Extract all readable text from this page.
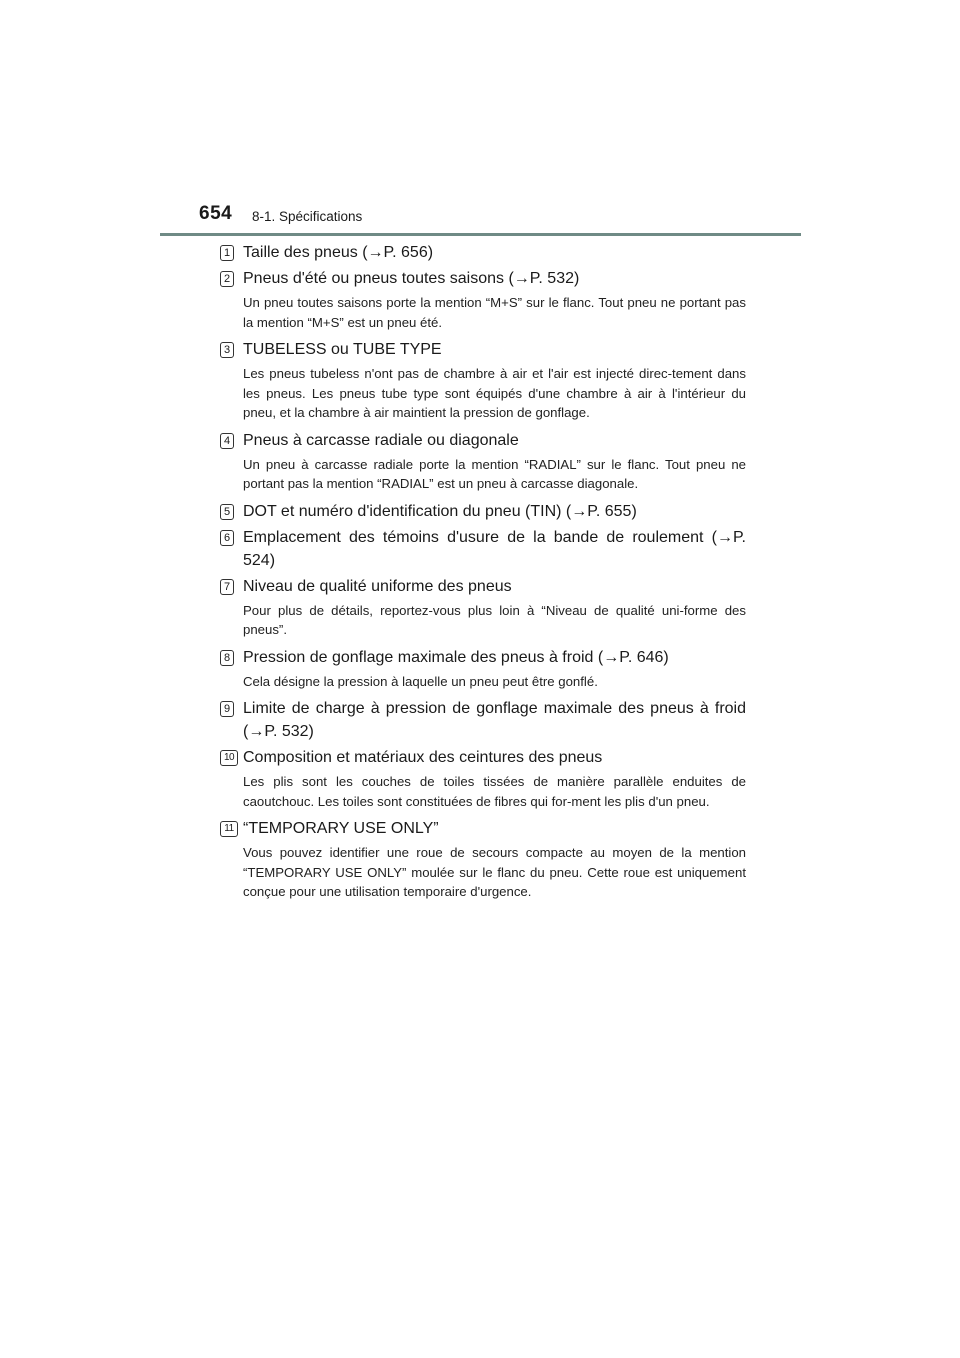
654 8-1. Spécifications
1 Taille des pneus (→P. 656)
2 Pneus d'été ou pneus toutes saisons (→P. 532)
Un pneu toutes saisons porte la mention “M+S” sur le flanc. Tout pneu ne portant pas la mention “M+S” est un pneu été.
3 TUBELESS ou TUBE TYPE
Les pneus tubeless n'ont pas de chambre à air et l'air est injecté direc-tement dans les pneus. Les pneus tube type sont équipés d'une chambre à air à l'intérieur du pneu, et la chambre à air maintient la pression de gonflage.
4 Pneus à carcasse radiale ou diagonale
Un pneu à carcasse radiale porte la mention “RADIAL” sur le flanc. Tout pneu ne portant pas la mention “RADIAL” est un pneu à carcasse diagonale.
5 DOT et numéro d'identification du pneu (TIN) (→P. 655)
6 Emplacement des témoins d'usure de la bande de roulement (→P. 524)
7 Niveau de qualité uniforme des pneus
Pour plus de détails, reportez-vous plus loin à “Niveau de qualité uni-forme des pneus”.
8 Pression de gonflage maximale des pneus à froid (→P. 646)
Cela désigne la pression à laquelle un pneu peut être gonflé.
9 Limite de charge à pression de gonflage maximale des pneus à froid (→P. 532)
10 Composition et matériaux des ceintures des pneus
Les plis sont les couches de toiles tissées de manière parallèle enduites de caoutchouc. Les toiles sont constituées de fibres qui for-ment les plis d'un pneu.
11 “TEMPORARY USE ONLY”
Vous pouvez identifier une roue de secours compacte au moyen de la mention “TEMPORARY USE ONLY” moulée sur le flanc du pneu. Cette roue est uniquement conçue pour une utilisation temporaire d'urgence.
